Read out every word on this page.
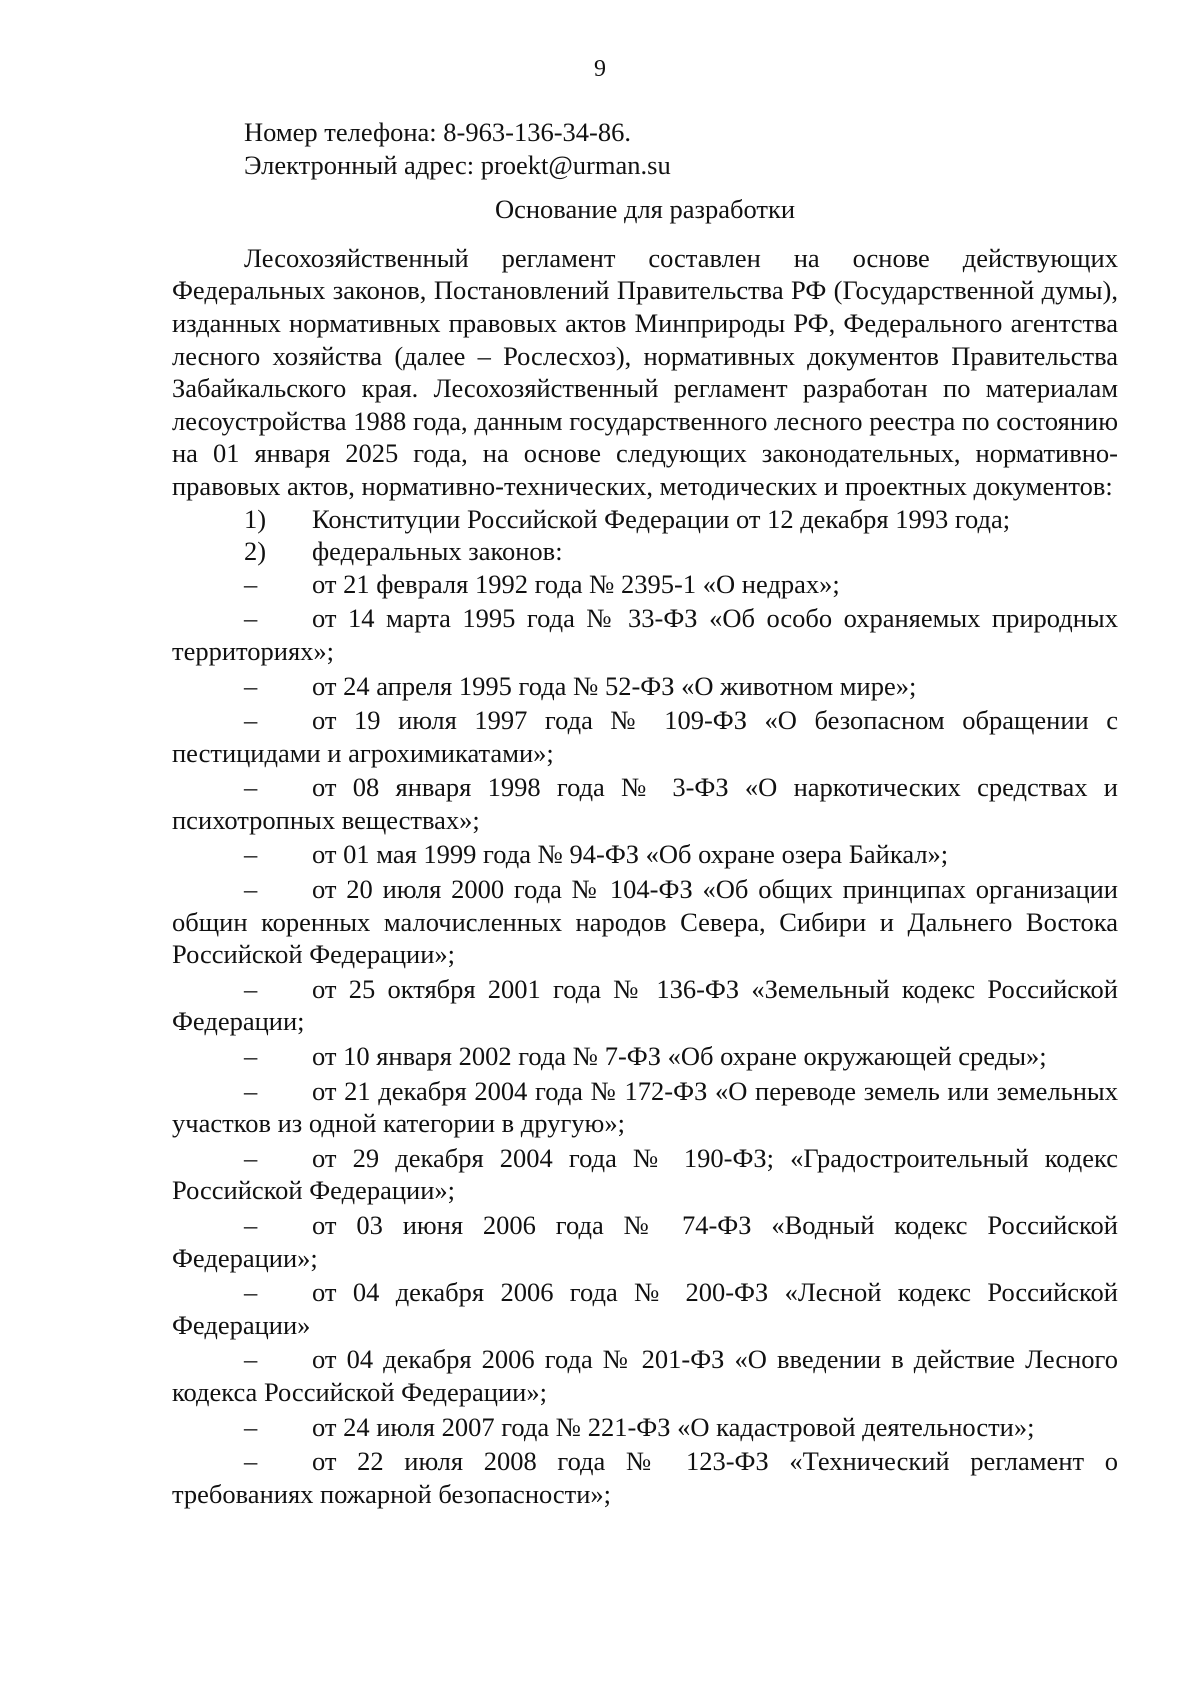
9

Номер телефона: 8-963-136-34-86.

Электронный адрес: proekt@urman.su

Основание для разработки

Лесохозяйственный регламент составлен на основе действующих Федеральных законов, Постановлений Правительства РФ (Государственной думы), изданных нормативных правовых актов Минприроды РФ, Федерального агентства лесного хозяйства (далее – Рослесхоз), нормативных документов Правительства Забайкальского края. Лесохозяйственный регламент разработан по материалам лесоустройства 1988 года, данным государственного лесного реестра по состоянию на 01 января 2025 года, на основе следующих законодательных, нормативно-правовых актов, нормативно-технических, методических и проектных документов:

1) Конституции Российской Федерации от 12 декабря 1993 года;

2) федеральных законов:

– от 21 февраля 1992 года № 2395-1 «О недрах»;

– от 14 марта 1995 года № 33-ФЗ «Об особо охраняемых природных территориях»;

– от 24 апреля 1995 года № 52-ФЗ «О животном мире»;

– от 19 июля 1997 года № 109-ФЗ «О безопасном обращении с пестицидами и агрохимикатами»;

– от 08 января 1998 года № 3-ФЗ «О наркотических средствах и психотропных веществах»;

– от 01 мая 1999 года № 94-ФЗ «Об охране озера Байкал»;

– от 20 июля 2000 года № 104-ФЗ «Об общих принципах организации общин коренных малочисленных народов Севера, Сибири и Дальнего Востока Российской Федерации»;

– от 25 октября 2001 года № 136-ФЗ «Земельный кодекс Российской Федерации;

– от 10 января 2002 года № 7-ФЗ «Об охране окружающей среды»;

– от 21 декабря 2004 года № 172-ФЗ «О переводе земель или земельных участков из одной категории в другую»;

– от 29 декабря 2004 года № 190-ФЗ; «Градостроительный кодекс Российской Федерации»;

– от 03 июня 2006 года № 74-ФЗ «Водный кодекс Российской Федерации»;

– от 04 декабря 2006 года № 200-ФЗ «Лесной кодекс Российской Федерации»

– от 04 декабря 2006 года № 201-ФЗ «О введении в действие Лесного кодекса Российской Федерации»;

– от 24 июля 2007 года № 221-ФЗ «О кадастровой деятельности»;

– от 22 июля 2008 года № 123-ФЗ «Технический регламент о требованиях пожарной безопасности»;
